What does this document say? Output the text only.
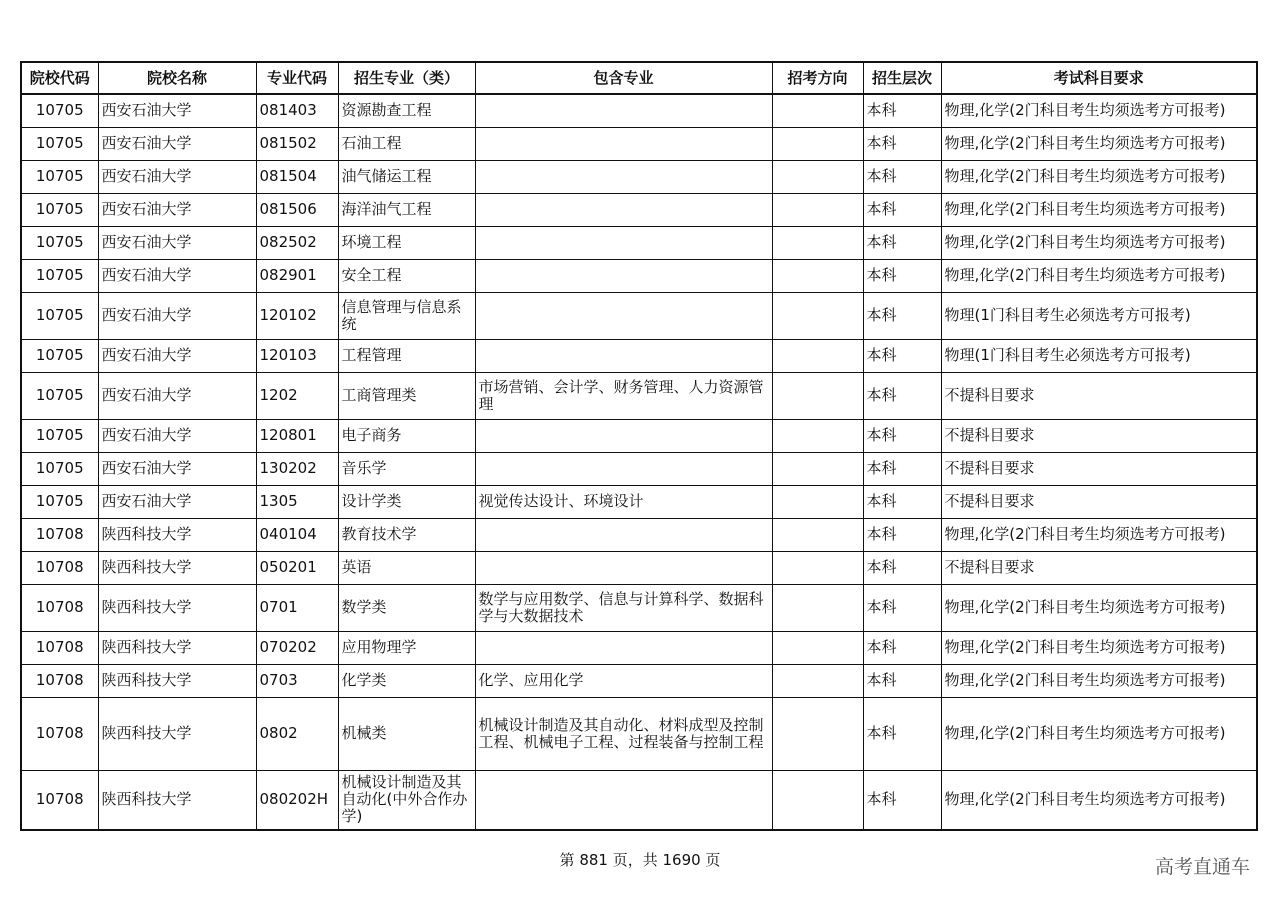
院校代码	院校名称	专业代码	招生专业（类）	包含专业	招考方向	招生层次	考试科目要求
10705	西安石油大学	081403	资源勘查工程			本科	物理,化学(2门科目考生均须选考方可报考)
10705	西安石油大学	081502	石油工程			本科	物理,化学(2门科目考生均须选考方可报考)
10705	西安石油大学	081504	油气储运工程			本科	物理,化学(2门科目考生均须选考方可报考)
10705	西安石油大学	081506	海洋油气工程			本科	物理,化学(2门科目考生均须选考方可报考)
10705	西安石油大学	082502	环境工程			本科	物理,化学(2门科目考生均须选考方可报考)
10705	西安石油大学	082901	安全工程			本科	物理,化学(2门科目考生均须选考方可报考)
10705	西安石油大学	120102	信息管理与信息系统			本科	物理(1门科目考生必须选考方可报考)
10705	西安石油大学	120103	工程管理			本科	物理(1门科目考生必须选考方可报考)
10705	西安石油大学	1202	工商管理类	市场营销、会计学、财务管理、人力资源管理		本科	不提科目要求
10705	西安石油大学	120801	电子商务			本科	不提科目要求
10705	西安石油大学	130202	音乐学			本科	不提科目要求
10705	西安石油大学	1305	设计学类	视觉传达设计、环境设计		本科	不提科目要求
10708	陕西科技大学	040104	教育技术学			本科	物理,化学(2门科目考生均须选考方可报考)
10708	陕西科技大学	050201	英语			本科	不提科目要求
10708	陕西科技大学	0701	数学类	数学与应用数学、信息与计算科学、数据科学与大数据技术		本科	物理,化学(2门科目考生均须选考方可报考)
10708	陕西科技大学	070202	应用物理学			本科	物理,化学(2门科目考生均须选考方可报考)
10708	陕西科技大学	0703	化学类	化学、应用化学		本科	物理,化学(2门科目考生均须选考方可报考)
10708	陕西科技大学	0802	机械类	机械设计制造及其自动化、材料成型及控制工程、机械电子工程、过程装备与控制工程		本科	物理,化学(2门科目考生均须选考方可报考)
10708	陕西科技大学	080202H	机械设计制造及其自动化(中外合作办学)			本科	物理,化学(2门科目考生均须选考方可报考)
第 881 页，共 1690 页	高考直通车
